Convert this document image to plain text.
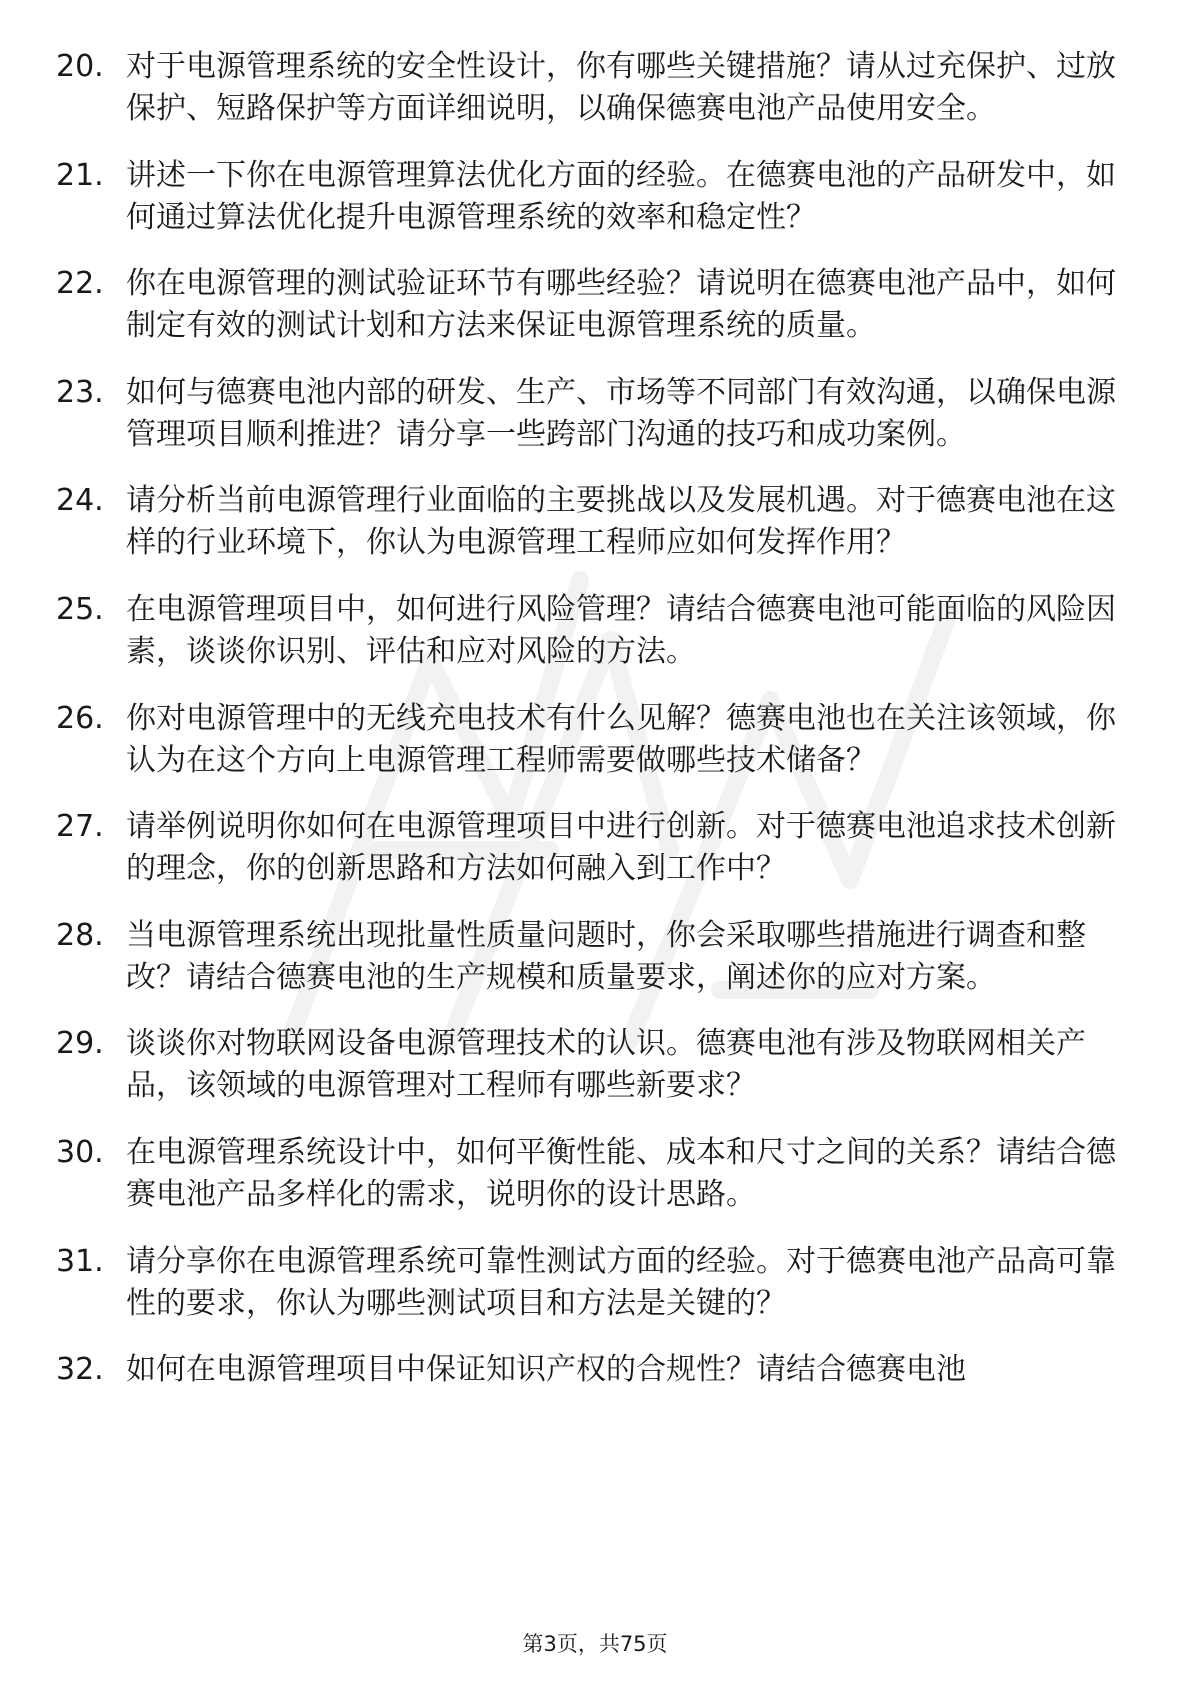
20. 对于电源管理系统的安全性设计，你有哪些关键措施？请从过充保护、过放保护、短路保护等方面详细说明，以确保德赛电池产品使用安全。
21. 讲述一下你在电源管理算法优化方面的经验。在德赛电池的产品研发中，如何通过算法优化提升电源管理系统的效率和稳定性？
22. 你在电源管理的测试验证环节有哪些经验？请说明在德赛电池产品中，如何制定有效的测试计划和方法来保证电源管理系统的质量。
23. 如何与德赛电池内部的研发、生产、市场等不同部门有效沟通，以确保电源管理项目顺利推进？请分享一些跨部门沟通的技巧和成功案例。
24. 请分析当前电源管理行业面临的主要挑战以及发展机遇。对于德赛电池在这样的行业环境下，你认为电源管理工程师应如何发挥作用？
25. 在电源管理项目中，如何进行风险管理？请结合德赛电池可能面临的风险因素，谈谈你识别、评估和应对风险的方法。
26. 你对电源管理中的无线充电技术有什么见解？德赛电池也在关注该领域，你认为在这个方向上电源管理工程师需要做哪些技术储备？
27. 请举例说明你如何在电源管理项目中进行创新。对于德赛电池追求技术创新的理念，你的创新思路和方法如何融入到工作中？
28. 当电源管理系统出现批量性质量问题时，你会采取哪些措施进行调查和整改？请结合德赛电池的生产规模和质量要求，阐述你的应对方案。
29. 谈谈你对物联网设备电源管理技术的认识。德赛电池有涉及物联网相关产品，该领域的电源管理对工程师有哪些新要求？
30. 在电源管理系统设计中，如何平衡性能、成本和尺寸之间的关系？请结合德赛电池产品多样化的需求，说明你的设计思路。
31. 请分享你在电源管理系统可靠性测试方面的经验。对于德赛电池产品高可靠性的要求，你认为哪些测试项目和方法是关键的？
32. 如何在电源管理项目中保证知识产权的合规性？请结合德赛电池
第3页，共75页
